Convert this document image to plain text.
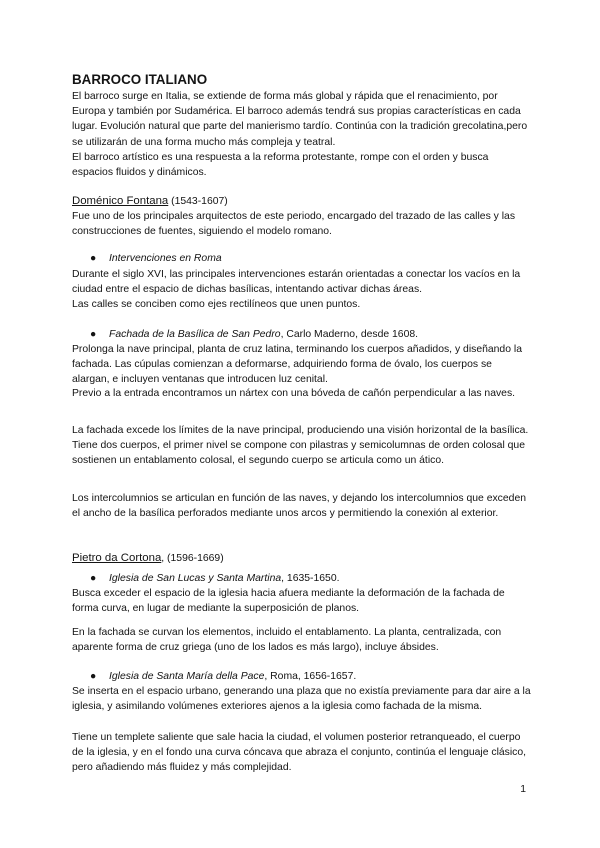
BARROCO ITALIANO

El barroco surge en Italia, se extiende de forma más global y rápida que el renacimiento, por Europa y también por Sudamérica. El barroco además tendrá sus propias características en cada lugar. Evolución natural que parte del manierismo tardío. Continúa con la tradición grecolatina,pero se utilizarán de una forma mucho más compleja y teatral.

El barroco artístico es una respuesta a la reforma protestante, rompe con el orden y busca espacios fluidos y dinámicos.

Doménico Fontana (1543-1607)

Fue uno de los principales arquitectos de este periodo, encargado del trazado de las calles y las construcciones de fuentes, siguiendo el modelo romano.

● Intervenciones en Roma

Durante el siglo XVI, las principales intervenciones estarán orientadas a conectar los vacíos en la ciudad entre el espacio de dichas basílicas, intentando activar dichas áreas.

Las calles se conciben como ejes rectilíneos que unen puntos.

● Fachada de la Basílica de San Pedro, Carlo Maderno, desde 1608.

Prolonga la nave principal, planta de cruz latina, terminando los cuerpos añadidos, y diseñando la fachada. Las cúpulas comienzan a deformarse, adquiriendo forma de óvalo, los cuerpos se alargan, e incluyen ventanas que introducen luz cenital.

Previo a la entrada encontramos un nártex con una bóveda de cañón perpendicular a las naves.

La fachada excede los límites de la nave principal, produciendo una visión horizontal de la basílica. Tiene dos cuerpos, el primer nivel se compone con pilastras y semicolumnas de orden colosal que sostienen un entablamento colosal, el segundo cuerpo se articula como un ático.

Los intercolumnios se articulan en función de las naves, y dejando los intercolumnios que exceden el ancho de la basílica perforados mediante unos arcos y permitiendo la conexión al exterior.

Pietro da Cortona, (1596-1669)
● Iglesia de San Lucas y Santa Martina, 1635-1650.

Busca exceder el espacio de la iglesia hacia afuera mediante la deformación de la fachada de forma curva, en lugar de mediante la superposición de planos.

En la fachada se curvan los elementos, incluido el entablamento. La planta, centralizada, con aparente forma de cruz griega (uno de los lados es más largo), incluye ábsides.

● Iglesia de Santa María della Pace, Roma, 1656-1657.

Se inserta en el espacio urbano, generando una plaza que no existía previamente para dar aire a la iglesia, y asimilando volúmenes exteriores ajenos a la iglesia como fachada de la misma.

Tiene un templete saliente que sale hacia la ciudad, el volumen posterior retranqueado, el cuerpo de la iglesia, y en el fondo una curva cóncava que abraza el conjunto, continúa el lenguaje clásico, pero añadiendo más fluidez y más complejidad.

1
